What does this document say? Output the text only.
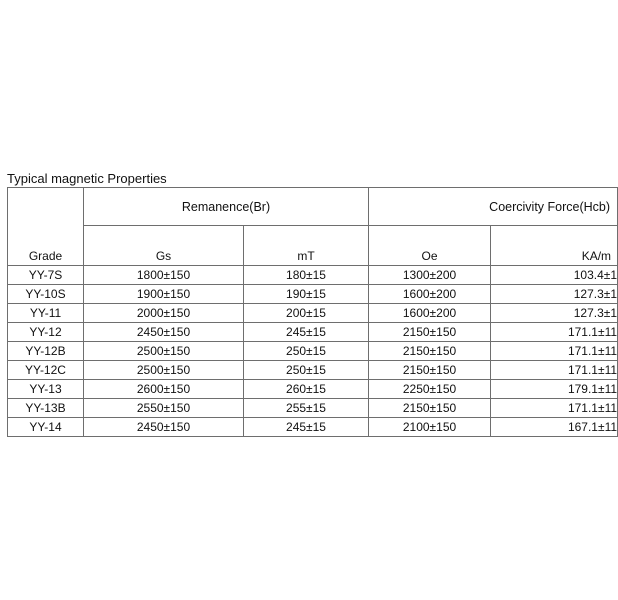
Typical magnetic Properties
Grade	Remanence(Br)		Coercivity Force(Hcb)	
	Gs	mT	Oe	KA/m
YY-7S	1800±150	180±15	1300±200	103.4±1
YY-10S	1900±150	190±15	1600±200	127.3±1
YY-11	2000±150	200±15	1600±200	127.3±1
YY-12	2450±150	245±15	2150±150	171.1±11
YY-12B	2500±150	250±15	2150±150	171.1±11
YY-12C	2500±150	250±15	2150±150	171.1±11
YY-13	2600±150	260±15	2250±150	179.1±11
YY-13B	2550±150	255±15	2150±150	171.1±11
YY-14	2450±150	245±15	2100±150	167.1±11
